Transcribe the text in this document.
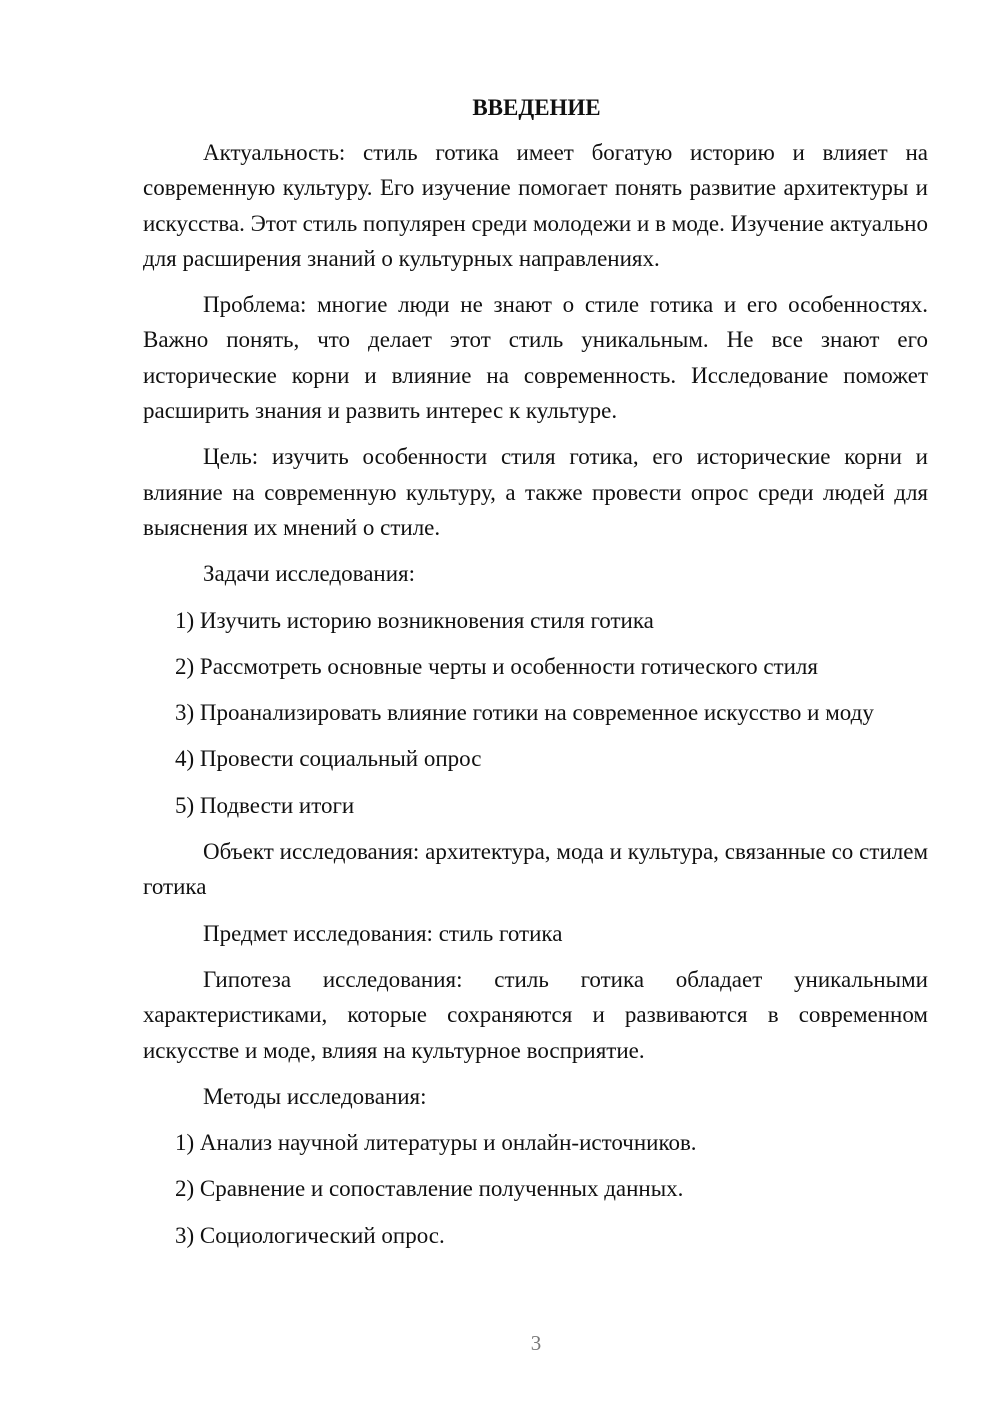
ВВЕДЕНИЕ

Актуальность: стиль готика имеет богатую историю и влияет на современную культуру. Его изучение помогает понять развитие архитектуры и искусства. Этот стиль популярен среди молодежи и в моде. Изучение актуально для расширения знаний о культурных направлениях.

Проблема: многие люди не знают о стиле готика и его особенностях. Важно понять, что делает этот стиль уникальным. Не все знают его исторические корни и влияние на современность. Исследование поможет расширить знания и развить интерес к культуре.

Цель: изучить особенности стиля готика, его исторические корни и влияние на современную культуру, а также провести опрос среди людей для выяснения их мнений о стиле.

Задачи исследования:

1) Изучить историю возникновения стиля готика

2) Рассмотреть основные черты и особенности готического стиля

3) Проанализировать влияние готики на современное искусство и моду

4) Провести социальный опрос

5) Подвести итоги

Объект исследования: архитектура, мода и культура, связанные со стилем готика

Предмет исследования: стиль готика

Гипотеза исследования: стиль готика обладает уникальными характеристиками, которые сохраняются и развиваются в современном искусстве и моде, влияя на культурное восприятие.

Методы исследования:

1) Анализ научной литературы и онлайн-источников.

2) Сравнение и сопоставление полученных данных.

3) Социологический опрос.

3
